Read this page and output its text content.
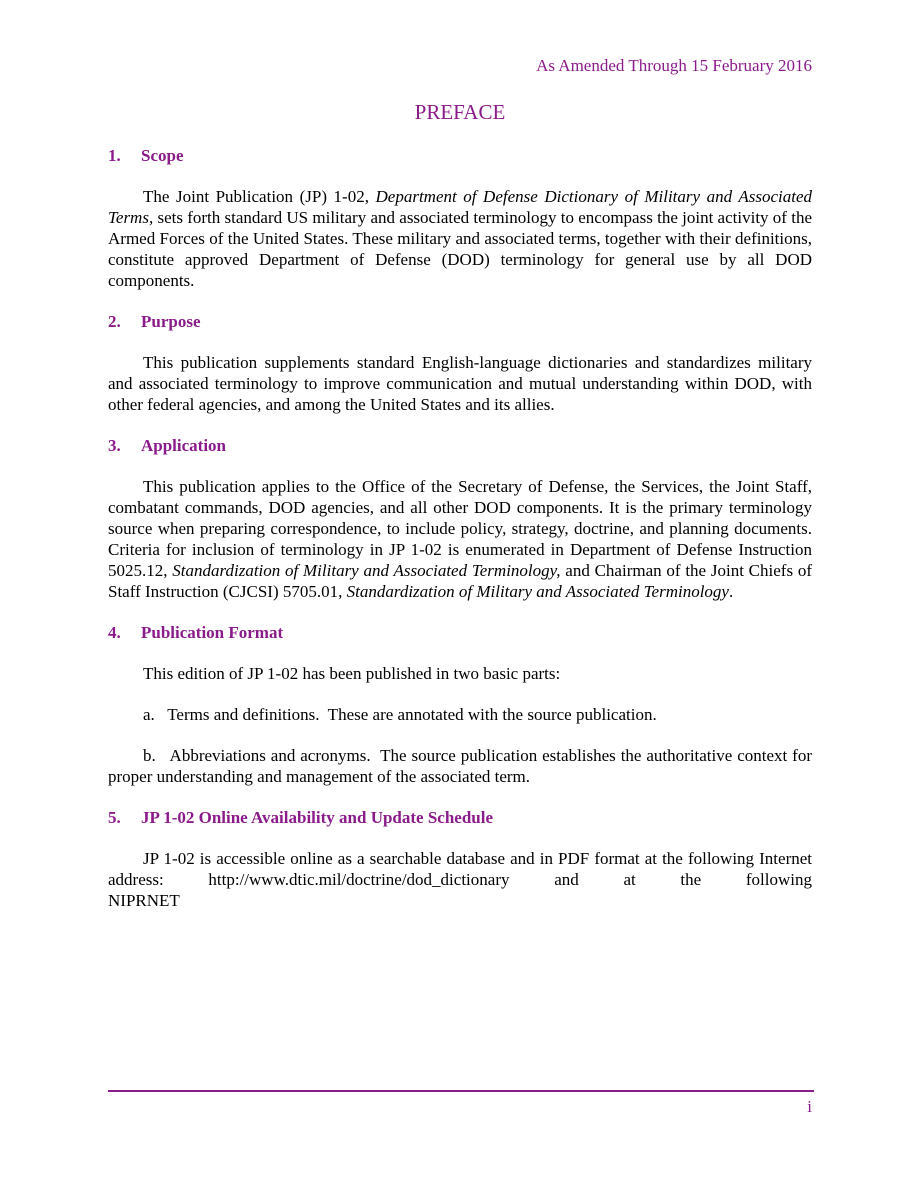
As Amended Through 15 February 2016
PREFACE
1. Scope

The Joint Publication (JP) 1-02, Department of Defense Dictionary of Military and Associated Terms, sets forth standard US military and associated terminology to encompass the joint activity of the Armed Forces of the United States. These military and associated terms, together with their definitions, constitute approved Department of Defense (DOD) terminology for general use by all DOD components.

2. Purpose

This publication supplements standard English-language dictionaries and standardizes military and associated terminology to improve communication and mutual understanding within DOD, with other federal agencies, and among the United States and its allies.

3. Application

This publication applies to the Office of the Secretary of Defense, the Services, the Joint Staff, combatant commands, DOD agencies, and all other DOD components. It is the primary terminology source when preparing correspondence, to include policy, strategy, doctrine, and planning documents. Criteria for inclusion of terminology in JP 1-02 is enumerated in Department of Defense Instruction 5025.12, Standardization of Military and Associated Terminology, and Chairman of the Joint Chiefs of Staff Instruction (CJCSI) 5705.01, Standardization of Military and Associated Terminology.

4. Publication Format

This edition of JP 1-02 has been published in two basic parts:

a.   Terms and definitions.  These are annotated with the source publication.

b.   Abbreviations and acronyms.  The source publication establishes the authoritative context for proper understanding and management of the associated term.

5. JP 1-02 Online Availability and Update Schedule

JP 1-02 is accessible online as a searchable database and in PDF format at the following Internet address:      http://www.dtic.mil/doctrine/dod_dictionary      and      at      the      following      NIPRNET

i
